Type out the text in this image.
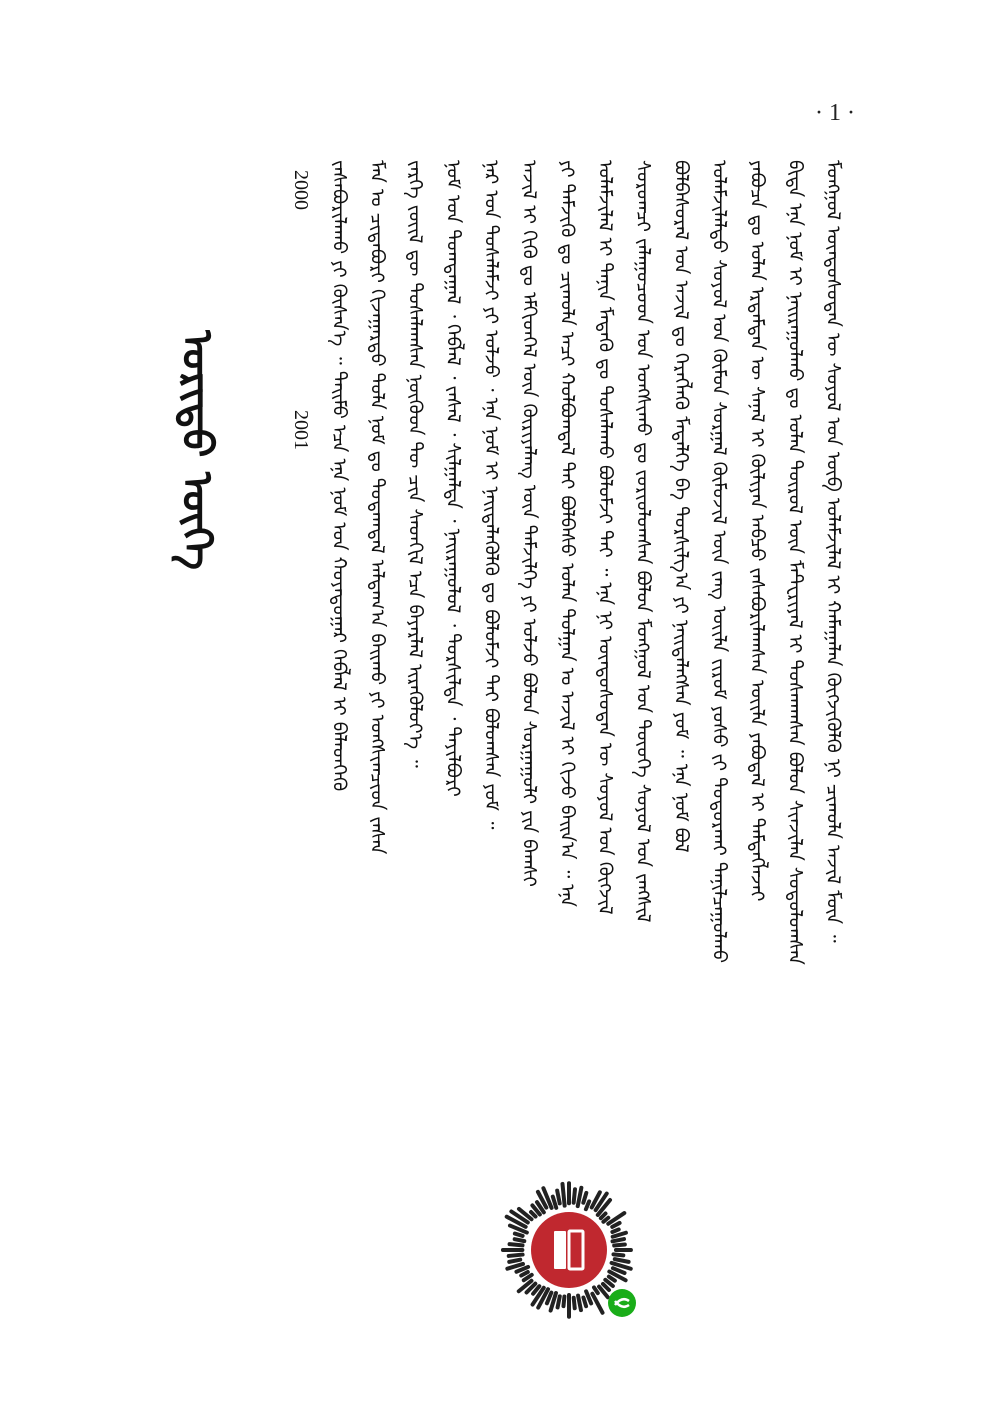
· 1 ·
ᠤᠷᠢᠳᠤ ᠦᠭᠡ	ᠮᠣᠩᠭᠣᠯ ᠦᠨᠳᠦᠰᠦᠲᠡᠨ ᠦ ᠰᠣᠶᠣᠯ ᠤᠨ ᠦᠪ ᠤᠯᠠᠮᠵᠢᠯᠠᠯ ᠢ ᠬᠠᠮᠠᠭᠠᠯᠠᠨ ᠬᠥᠭᠵᠢᠭᠦᠯᠬᠦ ᠨᠢ ᠴᠢᠬᠤᠯᠠ ᠠᠵᠢᠯ ᠮᠥᠨ ᠃
ᠪᠢᠳᠡ ᠡᠨᠡ ᠨᠣᠮ ᠢ ᠨᠠᠢᠷᠠᠭᠤᠯᠬᠤ ᠳᠤ ᠣᠯᠠᠨ ᠲᠥᠷᠦᠯ ᠦᠨ ᠮᠠᠲ᠋ᠧᠷᠢᠶᠠᠯ ᠢ ᠲᠤᠰᠬᠠᠭᠰᠠᠨ ᠪᠣᠯᠤᠨ ᠰᠢᠨᠵᠢᠯᠡᠨ ᠰᠤᠳᠤᠯᠤᠭᠰᠠᠨ
ᠶᠠᠪᠤᠴᠠ ᠳᠤ ᠣᠯᠠᠨ ᠡᠷᠳᠡᠮᠲᠡᠨ ᠦ ᠰᠠᠨᠠᠯ ᠢ ᠬᠦᠯᠢᠶᠡᠨ ᠠᠪᠴᠤ ᠵᠠᠰᠠᠪᠤᠷᠢᠯᠠᠭᠰᠠᠨ ᠦᠢᠯᠡ ᠶᠠᠪᠤᠳᠠᠯ ᠢ ᠲᠡᠮᠳᠡᠭᠯᠡᠵᠡᠢ
ᠤᠯᠠᠮᠵᠢᠯᠠᠯᠲᠤ ᠰᠣᠶᠣᠯ ᠤᠨ ᠬᠦᠮᠦᠨ ᠰᠤᠷᠭᠠᠯ ᠬᠦᠮᠦᠵᠢᠯ ᠦᠨ ᠵᠠᠩ ᠦᠢᠯᠡ ᠵᠢᠷᠤᠮ ᠶᠣᠰᠤ ᠵᠢ ᠲᠣᠳᠣᠷᠬᠠᠢ ᠲᠠᠨᠢᠯᠴᠠᠭᠤᠯᠬᠤ
ᠪᠣᠯᠪᠠᠰᠤᠷᠠᠯ ᠤᠨ ᠠᠵᠢᠯ ᠳᠤ ᠬᠡᠷᠡᠭᠯᠡᠬᠦ ᠮᠡᠳᠡᠯᠭᠡ ᠪᠠ ᠲᠤᠷᠰᠢᠯᠭ᠎ᠠ ᠶᠢ ᠨᠡᠢᠲᠡᠯᠡᠭᠰᠡᠨ ᠶᠤᠮ ᠃ ᠡᠨᠡ ᠨᠣᠮ ᠪᠣᠯ
ᠰᠤᠷᠤᠭᠴᠢ ᠵᠠᠯᠠᠭᠤᠴᠤᠳ ᠤᠨ ᠤᠩᠰᠢᠬᠤ ᠳᠤ ᠵᠣᠷᠢᠤᠯᠤᠭᠰᠠᠨ ᠪᠣᠯᠤᠨ ᠮᠣᠩᠭᠣᠯ ᠤᠨ ᠲᠦᠦᠬᠡ ᠰᠣᠶᠣᠯ ᠤᠨ ᠵᠠᠩᠱᠢᠯ
ᠤᠯᠠᠮᠵᠢᠯᠠᠯ ᠢ ᠲᠠᠨᠢᠨ ᠮᠡᠳᠡᠬᠦ ᠳᠤ ᠲᠤᠰᠠᠯᠠᠬᠤ ᠪᠣᠯᠤᠮᠵᠢ ᠲᠠᠢ ᠃ ᠡᠨᠡ ᠨᠢ ᠦᠨᠳᠦᠰᠦᠲᠡᠨ ᠦ ᠰᠣᠶᠣᠯ ᠤᠨ ᠬᠥᠭᠵᠢᠯ
ᠶᠢ ᠳᠡᠮᠵᠢᠬᠦ ᠳᠤ ᠴᠢᠬᠤᠯᠠ ᠠᠴᠢ ᠬᠣᠯᠪᠣᠭᠳᠠᠯ ᠲᠠᠢ ᠪᠣᠯᠪᠠᠰᠤ ᠣᠯᠠᠨ ᠲᠤᠯᠭᠠᠨ ᠤ ᠠᠵᠢᠯ ᠢ ᠬᠢᠵᠦ ᠪᠠᠢᠨ᠎ᠠ ᠃ ᠡᠨᠡ
ᠠᠵᠢᠯ ᠢ ᠬᠢᠬᠦ ᠳᠤ ᠡᠮᠬᠢᠳᠬᠡᠯ ᠦᠨ ᠬᠦᠷᠢᠶᠡᠯᠡᠩ ᠦᠨ ᠳᠡᠮᠵᠢᠯᠭᠡ ᠶᠢ ᠣᠯᠵᠤ ᠪᠣᠯᠤᠨ ᠰᠤᠷᠭᠠᠭᠤᠯᠢ ᠶᠢᠨ ᠪᠠᠭᠰᠢ
ᠨᠠᠷ ᠤᠨ ᠲᠤᠰᠠᠯᠠᠮᠵᠢ ᠶᠢ ᠣᠯᠵᠤ ᠂ ᠡᠨᠡ ᠨᠣᠮ ᠢ ᠨᠡᠢᠲᠡᠯᠡᠭᠦᠯᠬᠦ ᠳᠤ ᠪᠣᠯᠤᠮᠵᠢ ᠲᠠᠢ ᠪᠣᠯᠤᠭᠰᠠᠨ ᠶᠤᠮ ᠃
ᠨᠣᠮ ᠤᠨ ᠲᠣᠭᠳᠠᠭᠠᠯ ᠂ ᠬᠡᠪᠯᠡᠯ ᠂ ᠵᠠᠰᠠᠯ ᠂ ᠰᠢᠯᠭᠠᠯᠲᠠ ᠂ ᠨᠠᠢᠷᠠᠭᠤᠯᠤᠯ ᠂ ᠲᠤᠷᠰᠢᠯᠲᠠ ᠂ ᠲᠠᠶᠢᠯᠪᠤᠷᠢ
ᠵᠡᠷᠭᠡ ᠵᠦᠢᠯ ᠳᠦ ᠲᠤᠰᠠᠯᠠᠭᠰᠠᠨ ᠨᠥᠭᠦᠳ ᠲᠦ ᠴᠢᠨ ᠰᠡᠳᠭᠢᠯ ᠡᠴᠡ ᠪᠠᠶᠠᠷᠯᠠᠯ ᠢᠷᠡᠭᠦᠯᠦᠶ᠎ᠡ ᠃
ᠮᠠᠨ ᠤ ᠴᠢᠳᠠᠪᠤᠷᠢ ᠬᠢᠵᠠᠭᠠᠷᠲᠤ ᠲᠤᠯᠠ ᠨᠣᠮ ᠳᠤ ᠳᠤᠲᠠᠭᠳᠠᠯ ᠠᠯᠳᠠᠭ᠎ᠠ ᠪᠠᠢᠬᠤ ᠶᠢ ᠤᠩᠰᠢᠭᠴᠢᠳ ᠵᠠᠰᠠᠨ
ᠵᠠᠰᠠᠪᠤᠷᠢᠯᠠᠬᠤ ᠶᠢ ᠬᠦᠰᠡᠨ᠎ᠡ ᠃ ᠲᠡᠢᠮᠦ ᠡᠴᠡ ᠡᠨᠡ ᠨᠣᠮ ᠤᠨ ᠬᠣᠶᠠᠳᠤᠭᠠᠷ ᠬᠡᠪᠯᠡᠯ ᠢ ᠪᠡᠯᠡᠳᠭᠡᠬᠦ
2000  2001
